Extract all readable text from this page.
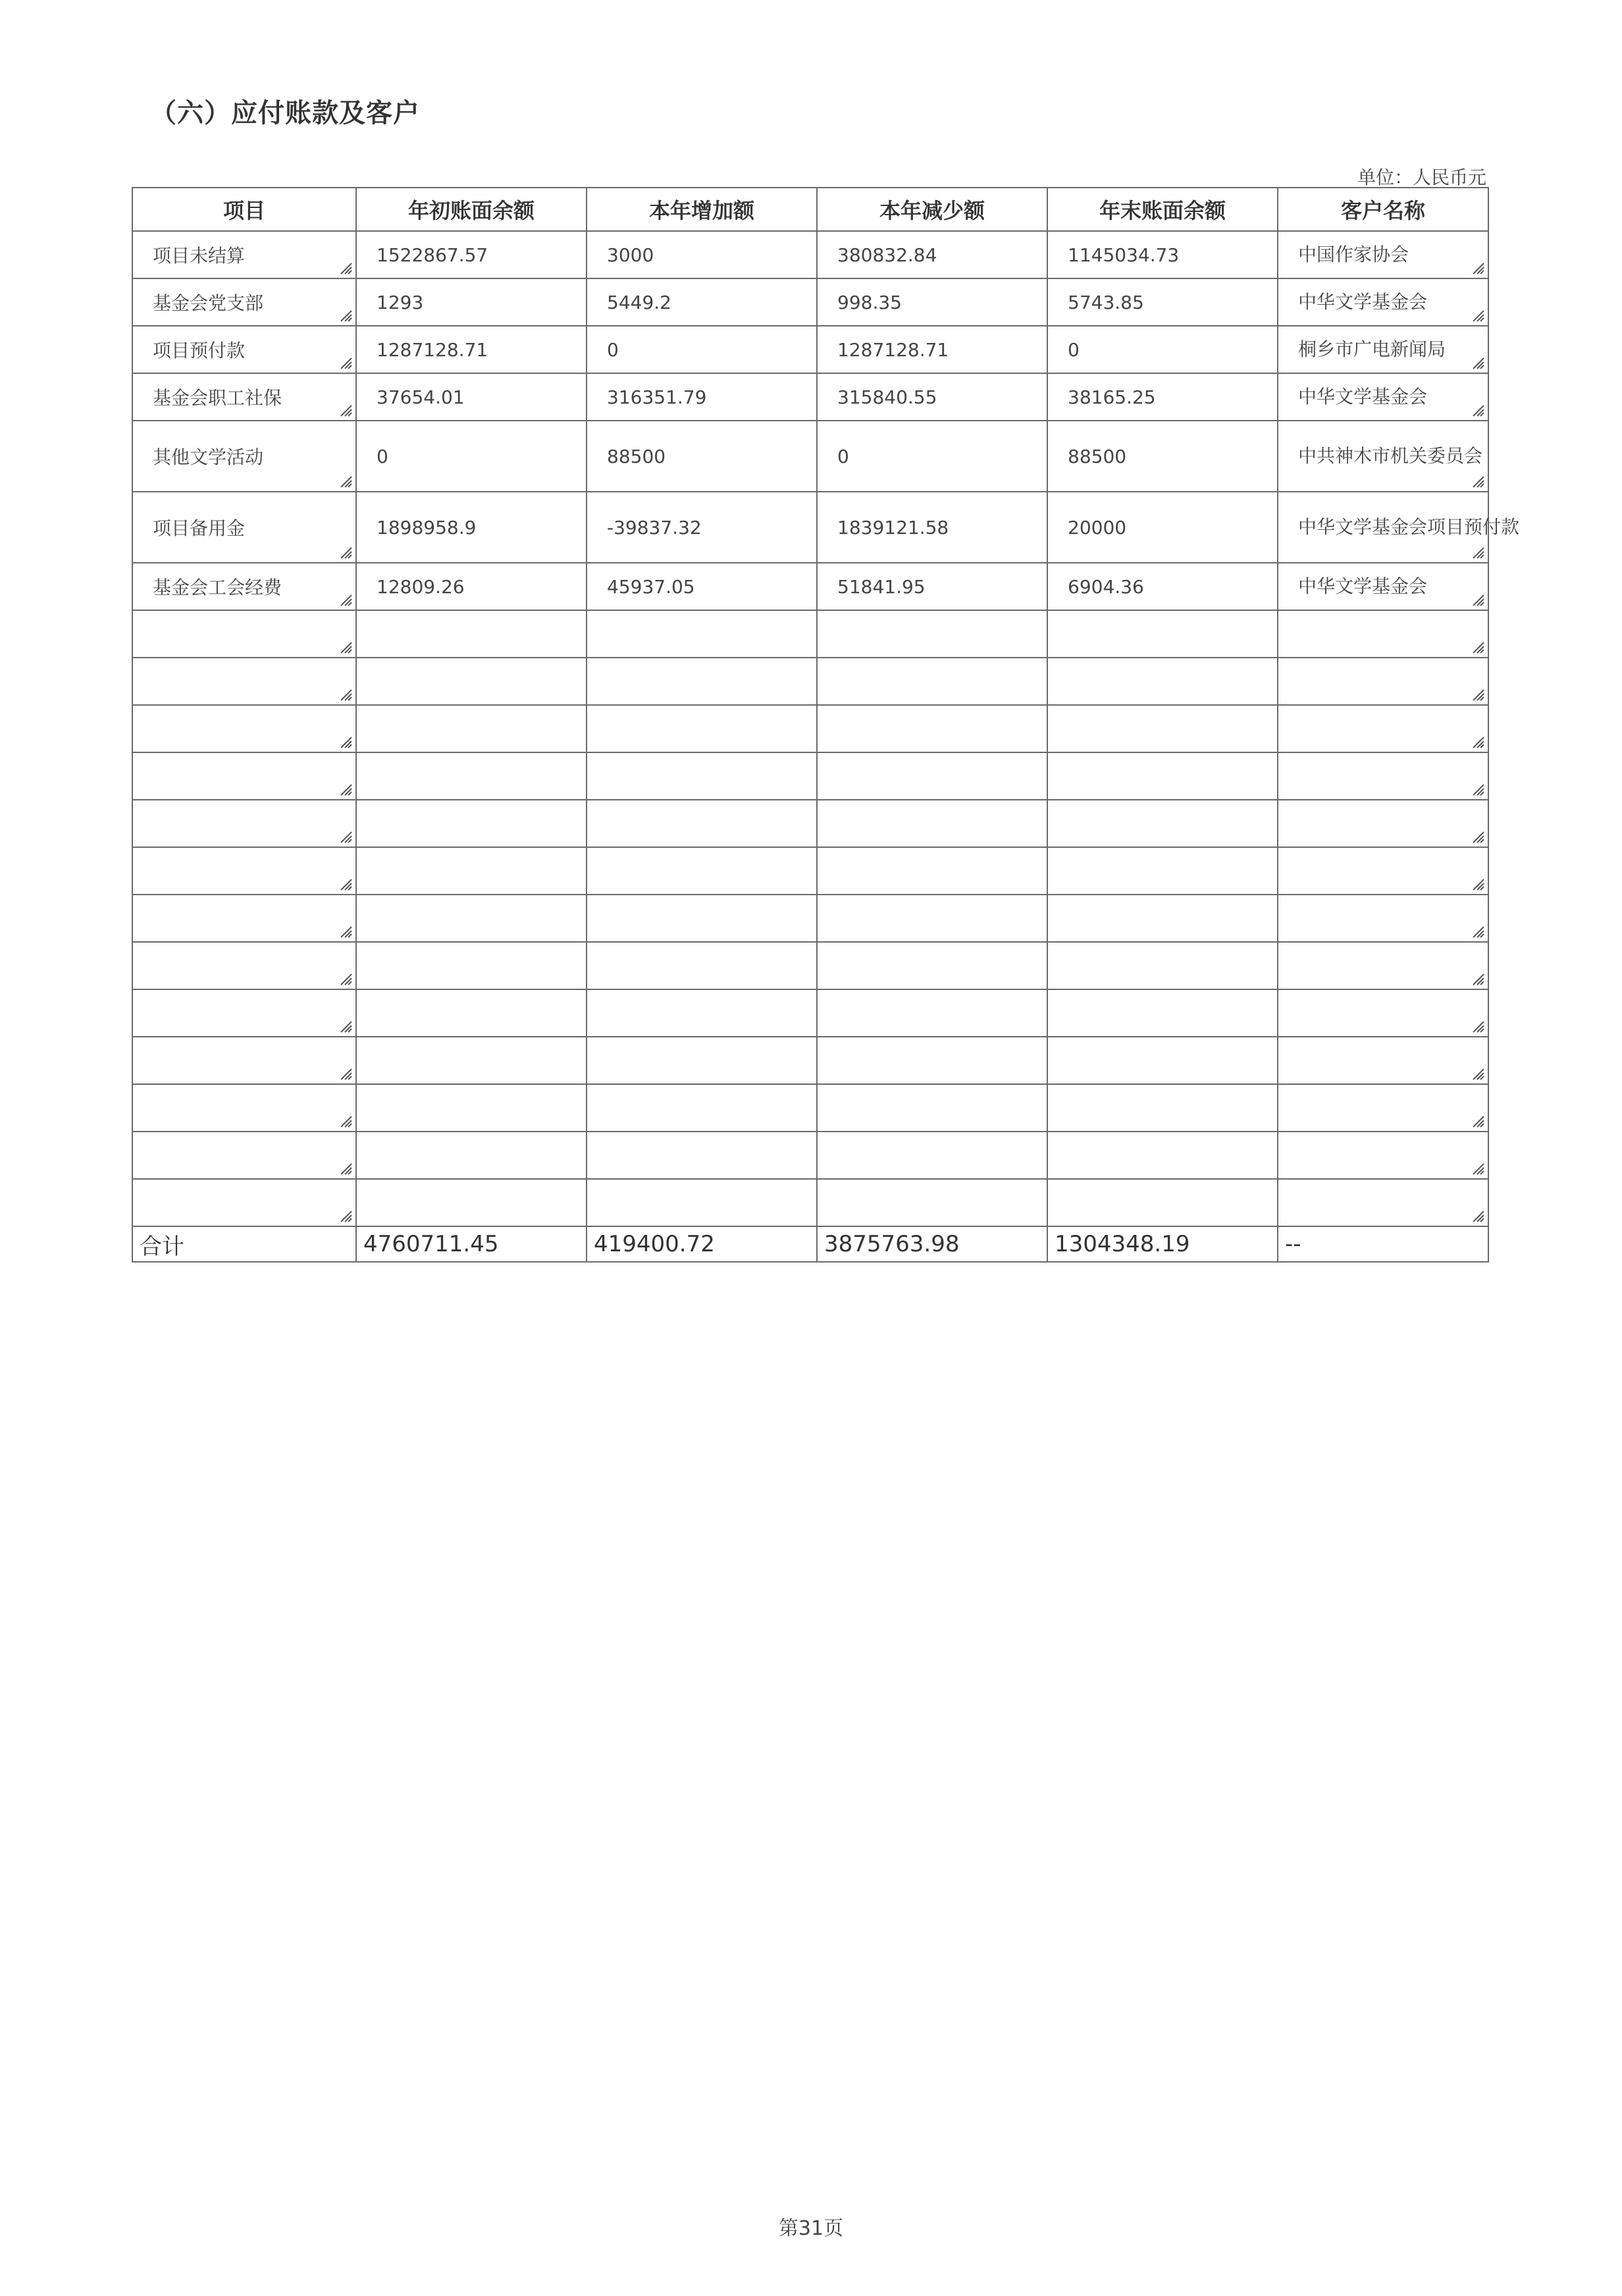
（六）应付账款及客户
单位：人民币元
项目	年初账面余额	本年增加额	本年减少额	年末账面余额	客户名称
项目未结算	1522867.57	3000	380832.84	1145034.73	中国作家协会

基金会党支部	1293	5449.2	998.35	5743.85	中华文学基金会

项目预付款	1287128.71	0	1287128.71	0	桐乡市广电新闻局

基金会职工社保	37654.01	316351.79	315840.55	38165.25	中华文学基金会

其他文学活动	0	88500	0	88500	中共神木市机关委员会

项目备用金	1898958.9	-39837.32	1839121.58	20000	中华文学基金会项目预付款

基金会工会经费	12809.26	45937.05	51841.95	6904.36	中华文学基金会

合计	4760711.45	419400.72	3875763.98	1304348.19	--
第31页
